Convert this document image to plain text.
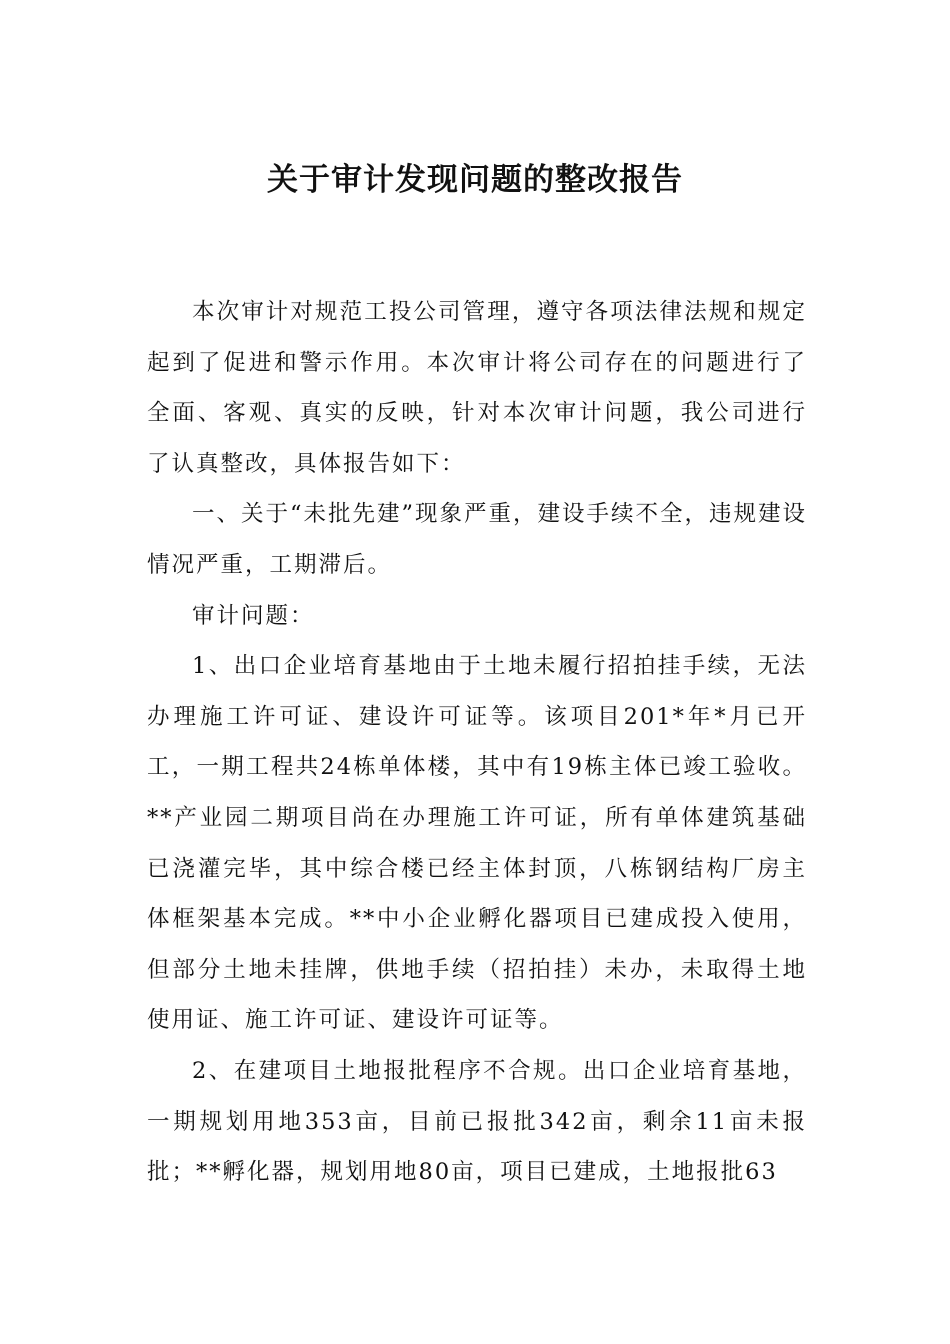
关于审计发现问题的整改报告

本次审计对规范工投公司管理，遵守各项法律法规和规定起到了促进和警示作用。本次审计将公司存在的问题进行了全面、客观、真实的反映，针对本次审计问题，我公司进行了认真整改，具体报告如下：

一、关于“未批先建”现象严重，建设手续不全，违规建设情况严重，工期滞后。

审计问题：

1、出口企业培育基地由于土地未履行招拍挂手续，无法办理施工许可证、建设许可证等。该项目201*年*月已开工，一期工程共24栋单体楼，其中有19栋主体已竣工验收。**产业园二期项目尚在办理施工许可证，所有单体建筑基础已浇灌完毕，其中综合楼已经主体封顶，八栋钢结构厂房主体框架基本完成。**中小企业孵化器项目已建成投入使用，但部分土地未挂牌，供地手续（招拍挂）未办，未取得土地使用证、施工许可证、建设许可证等。

2、在建项目土地报批程序不合规。出口企业培育基地，一期规划用地353亩，目前已报批342亩，剩余11亩未报批；**孵化器，规划用地80亩，项目已建成，土地报批63
